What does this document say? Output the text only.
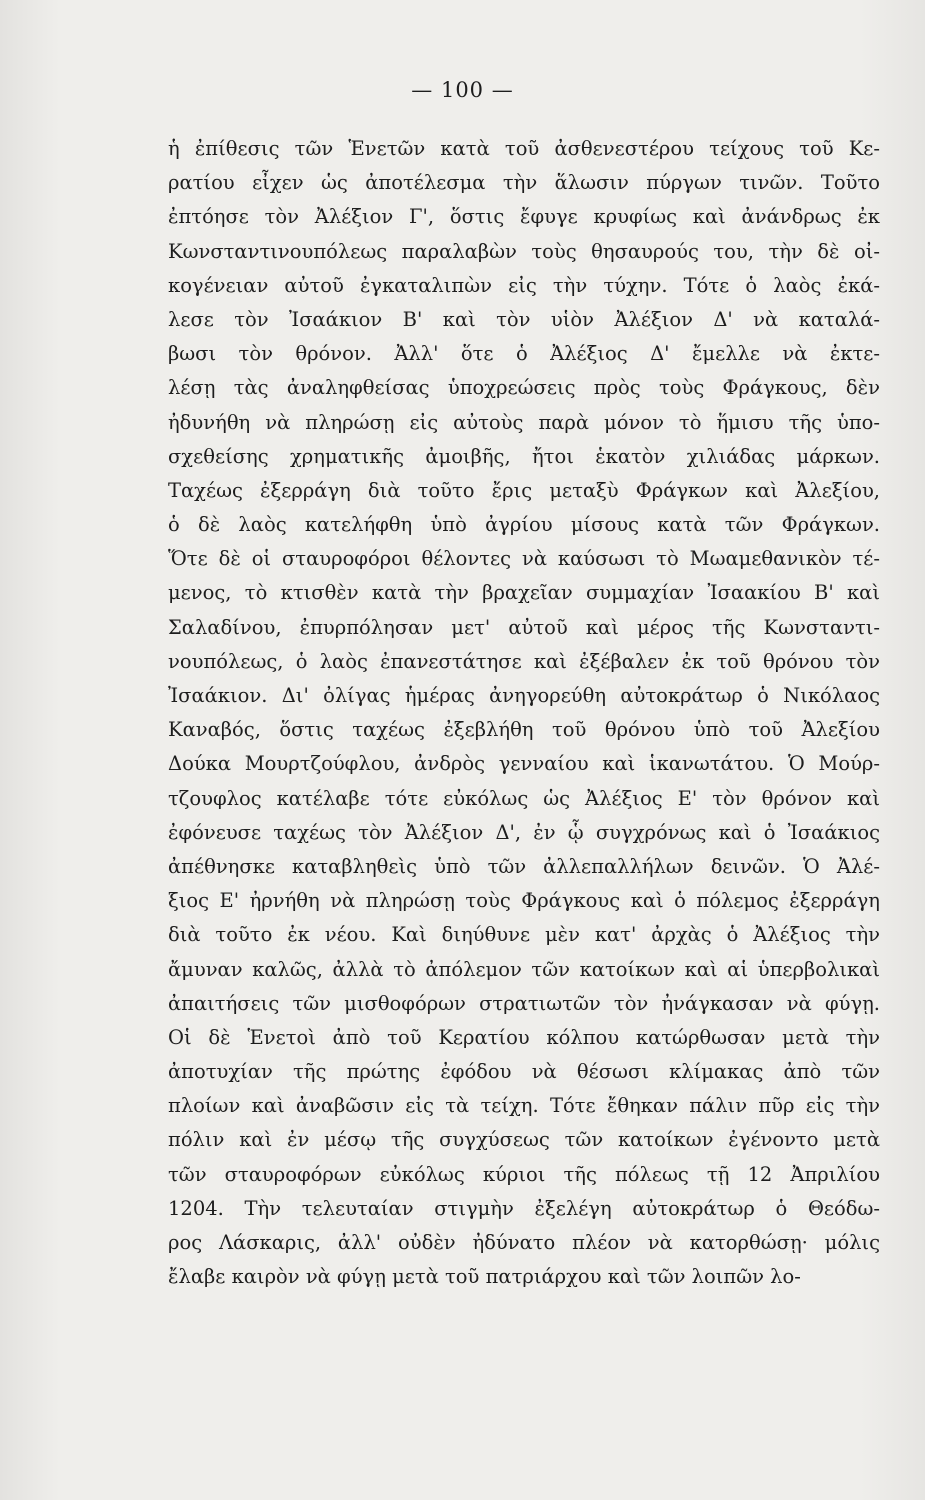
— 100 —
ἡ ἐπίθεσις τῶν Ἑνετῶν κατὰ τοῦ ἀσθενεστέρου τείχους τοῦ Κε-
ρατίου εἶχεν ὡς ἀποτέλεσμα τὴν ἅλωσιν πύργων τινῶν. Τοῦτο
ἐπτόησε τὸν Ἀλέξιον Γ', ὅστις ἔφυγε κρυφίως καὶ ἀνάνδρως ἐκ
Κωνσταντινουπόλεως παραλαβὼν τοὺς θησαυρούς του, τὴν δὲ οἰ-
κογένειαν αὐτοῦ ἐγκαταλιπὼν εἰς τὴν τύχην. Τότε ὁ λαὸς ἐκά-
λεσε τὸν Ἰσαάκιον Β' καὶ τὸν υἱὸν Ἀλέξιον Δ' νὰ καταλά-
βωσι τὸν θρόνον. Ἀλλ' ὅτε ὁ Ἀλέξιος Δ' ἔμελλε νὰ ἐκτε-
λέσῃ τὰς ἀναληφθείσας ὑποχρεώσεις πρὸς τοὺς Φράγκους, δὲν
ἠδυνήθη νὰ πληρώσῃ εἰς αὐτοὺς παρὰ μόνον τὸ ἥμισυ τῆς ὑπο-
σχεθείσης χρηματικῆς ἀμοιβῆς, ἤτοι ἑκατὸν χιλιάδας μάρκων.
Ταχέως ἐξερράγη διὰ τοῦτο ἔρις μεταξὺ Φράγκων καὶ Ἀλεξίου,
ὁ δὲ λαὸς κατελήφθη ὑπὸ ἀγρίου μίσους κατὰ τῶν Φράγκων.
Ὅτε δὲ οἱ σταυροφόροι θέλοντες νὰ καύσωσι τὸ Μωαμεθανικὸν τέ-
μενος, τὸ κτισθὲν κατὰ τὴν βραχεῖαν συμμαχίαν Ἰσαακίου Β' καὶ
Σαλαδίνου, ἐπυρπόλησαν μετ' αὐτοῦ καὶ μέρος τῆς Κωνσταντι-
νουπόλεως, ὁ λαὸς ἐπανεστάτησε καὶ ἐξέβαλεν ἐκ τοῦ θρόνου τὸν
Ἰσαάκιον. Δι' ὀλίγας ἡμέρας ἀνηγορεύθη αὐτοκράτωρ ὁ Νικόλαος
Καναβός, ὅστις ταχέως ἐξεβλήθη τοῦ θρόνου ὑπὸ τοῦ Ἀλεξίου
Δούκα Μουρτζούφλου, ἀνδρὸς γενναίου καὶ ἱκανωτάτου. Ὁ Μούρ-
τζουφλος κατέλαβε τότε εὐκόλως ὡς Ἀλέξιος Ε' τὸν θρόνον καὶ
ἐφόνευσε ταχέως τὸν Ἀλέξιον Δ', ἐν ᾧ συγχρόνως καὶ ὁ Ἰσαάκιος
ἀπέθνησκε καταβληθεὶς ὑπὸ τῶν ἀλλεπαλλήλων δεινῶν. Ὁ Ἀλέ-
ξιος Ε' ἠρνήθη νὰ πληρώσῃ τοὺς Φράγκους καὶ ὁ πόλεμος ἐξερράγη
διὰ τοῦτο ἐκ νέου. Καὶ διηύθυνε μὲν κατ' ἀρχὰς ὁ Ἀλέξιος τὴν
ἄμυναν καλῶς, ἀλλὰ τὸ ἀπόλεμον τῶν κατοίκων καὶ αἱ ὑπερβολικαὶ
ἀπαιτήσεις τῶν μισθοφόρων στρατιωτῶν τὸν ἠνάγκασαν νὰ φύγῃ.
Οἱ δὲ Ἑνετοὶ ἀπὸ τοῦ Κερατίου κόλπου κατώρθωσαν μετὰ τὴν
ἀποτυχίαν τῆς πρώτης ἐφόδου νὰ θέσωσι κλίμακας ἀπὸ τῶν
πλοίων καὶ ἀναβῶσιν εἰς τὰ τείχη. Τότε ἔθηκαν πάλιν πῦρ εἰς τὴν
πόλιν καὶ ἐν μέσῳ τῆς συγχύσεως τῶν κατοίκων ἐγένοντο μετὰ
τῶν σταυροφόρων εὐκόλως κύριοι τῆς πόλεως τῇ 12 Ἀπριλίου
1204. Τὴν τελευταίαν στιγμὴν ἐξελέγη αὐτοκράτωρ ὁ Θεόδω-
ρος Λάσκαρις, ἀλλ' οὐδὲν ἠδύνατο πλέον νὰ κατορθώσῃ· μόλις
ἔλαβε καιρὸν νὰ φύγῃ μετὰ τοῦ πατριάρχου καὶ τῶν λοιπῶν λο-
